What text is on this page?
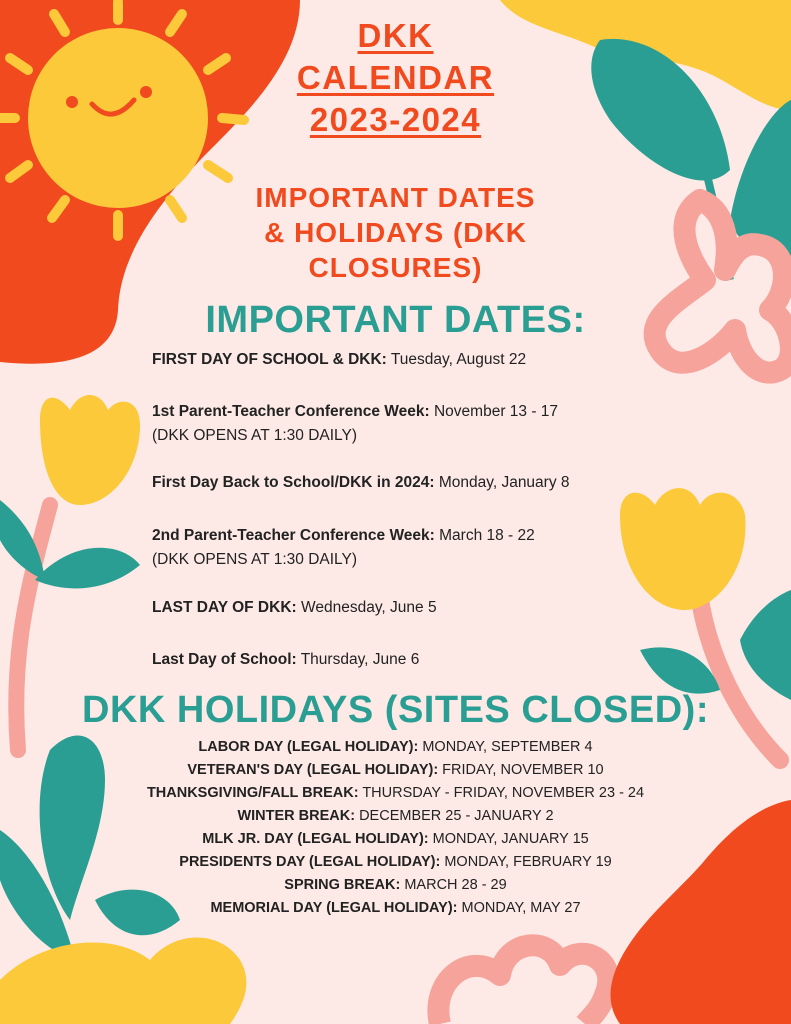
DKK
CALENDAR
2023-2024
IMPORTANT DATES
& HOLIDAYS (DKK
CLOSURES)
IMPORTANT DATES:
FIRST DAY OF SCHOOL & DKK: Tuesday, August 22
1st Parent-Teacher Conference Week: November 13 - 17
(DKK OPENS AT 1:30 DAILY)
First Day Back to School/DKK in 2024: Monday, January 8
2nd Parent-Teacher Conference Week: March 18 - 22
(DKK OPENS AT 1:30 DAILY)
LAST DAY OF DKK: Wednesday, June 5
Last Day of School: Thursday, June 6
DKK HOLIDAYS (SITES CLOSED):
LABOR DAY (LEGAL HOLIDAY): MONDAY, SEPTEMBER 4
VETERAN'S DAY (LEGAL HOLIDAY): FRIDAY, NOVEMBER 10
THANKSGIVING/FALL BREAK: THURSDAY - FRIDAY, NOVEMBER 23 - 24
WINTER BREAK: DECEMBER 25 - JANUARY 2
MLK JR. DAY (LEGAL HOLIDAY): MONDAY, JANUARY 15
PRESIDENTS DAY (LEGAL HOLIDAY): MONDAY, FEBRUARY 19
SPRING BREAK: MARCH 28 - 29
MEMORIAL DAY (LEGAL HOLIDAY): MONDAY, MAY 27
